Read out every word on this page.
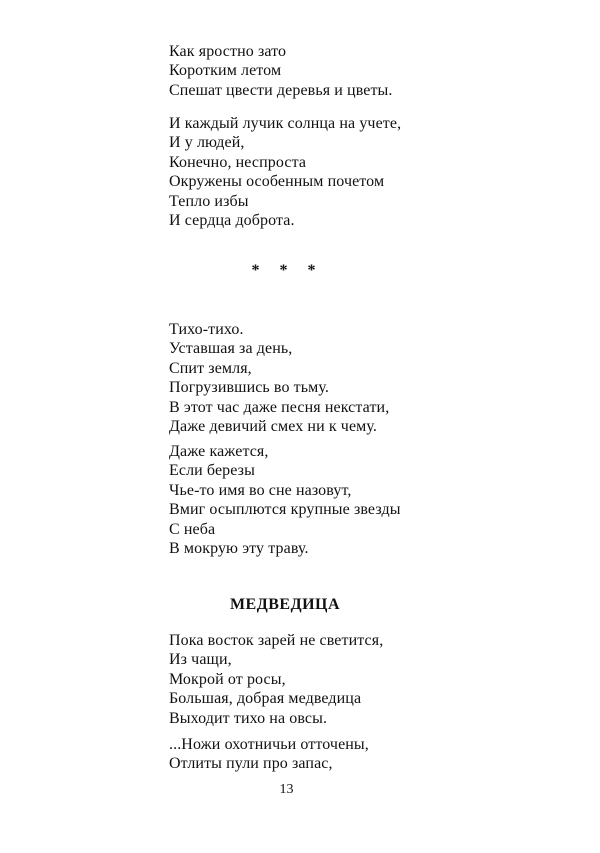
Как яростно зато
Коротким летом
Спешат цвести деревья и цветы.
И каждый лучик солнца на учете,
И у людей,
Конечно, неспроста
Окружены особенным почетом
Тепло избы
И сердца доброта.
* * *
Тихо-тихо.
Уставшая за день,
Спит земля,
Погрузившись во тьму.
В этот час даже песня некстати,
Даже девичий смех ни к чему.
Даже кажется,
Если березы
Чье-то имя во сне назовут,
Вмиг осыплются крупные звезды
С неба
В мокрую эту траву.
МЕДВЕДИЦА
Пока восток зарей не светится,
Из чащи,
Мокрой от росы,
Большая, добрая медведица
Выходит тихо на овсы.
...Ножи охотничьи отточены,
Отлиты пули про запас,
13
